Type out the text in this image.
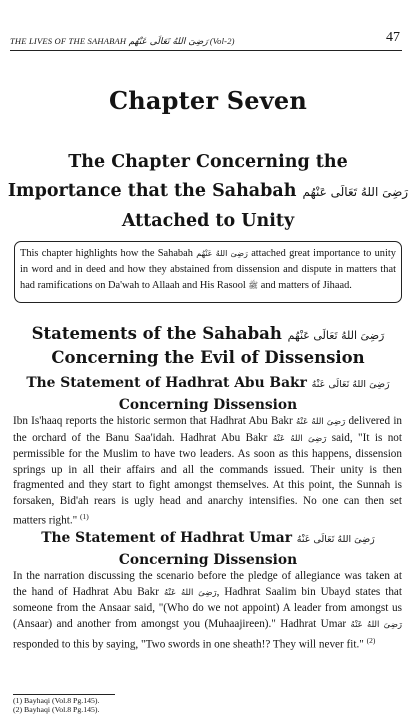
THE LIVES OF THE SAHABAH رَضِىَ اللهُ تَعَالَى عَنْهُم (Vol-2)	47
Chapter Seven
The Chapter Concerning the
Importance that the Sahabah رَضِىَ اللهُ تَعَالَى عَنْهُم
Attached to Unity
This chapter highlights how the Sahabah رَضِىَ اللهُ عَنْهُم attached great importance to unity in word and in deed and how they abstained from dissension and dispute in matters that had ramifications on Da'wah to Allaah and His Rasool ﷺ and matters of Jihaad.
Statements of the Sahabah رَضِىَ اللهُ تَعَالَى عَنْهُم
Concerning the Evil of Dissension
The Statement of Hadhrat Abu Bakr رَضِىَ اللهُ تَعَالَى عَنْهُ
Concerning Dissension
Ibn Is'haaq reports the historic sermon that Hadhrat Abu Bakr رَضِىَ اللهُ عَنْهُ delivered in the orchard of the Banu Saa'idah. Hadhrat Abu Bakr رَضِىَ اللهُ عَنْهُ said, "It is not permissible for the Muslim to have two leaders. As soon as this happens, dissension springs up in all their affairs and all the commands issued. Their unity is then fragmented and they start to fight amongst themselves. At this point, the Sunnah is forsaken, Bid'ah rears is ugly head and anarchy intensifies. No one can then set matters right." $^{(1)}$
The Statement of Hadhrat Umar رَضِىَ اللهُ تَعَالَى عَنْهُ
Concerning Dissension
In the narration discussing the scenario before the pledge of allegiance was taken at the hand of Hadhrat Abu Bakr رَضِىَ اللهُ عَنْهُ, Hadhrat Saalim bin Ubayd states that someone from the Ansaar said, "(Who do we not appoint) A leader from amongst us (Ansaar) and another from amongst you (Muhaajireen)." Hadhrat Umar رَضِىَ اللهُ عَنْهُ responded to this by saying, "Two swords in one sheath!? They will never fit." $^{(2)}$
(1) Bayhaqi (Vol.8 Pg.145).
(2) Bayhaqi (Vol.8 Pg.145).
